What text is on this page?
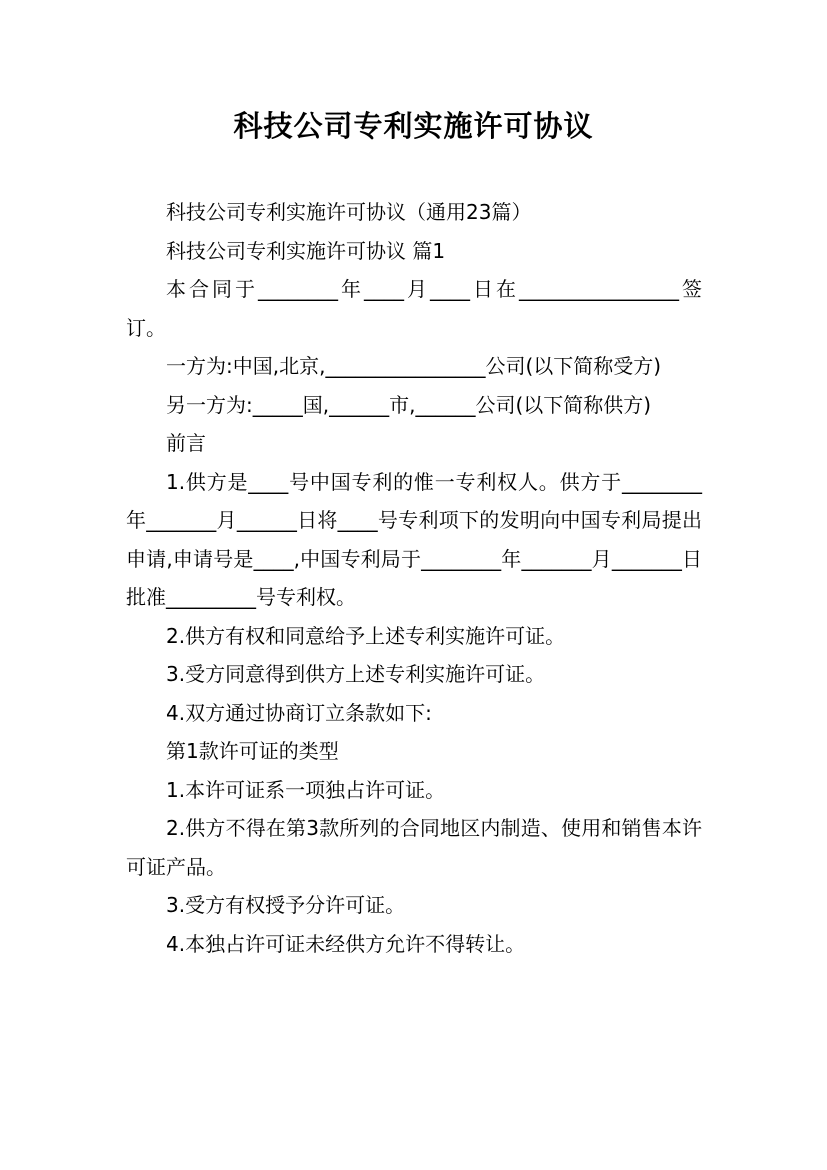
科技公司专利实施许可协议

科技公司专利实施许可协议（通用23篇）

科技公司专利实施许可协议 篇1

本合同于________年____月____日在________________签订。

一方为:中国,北京,________________公司(以下简称受方)

另一方为:_____国,______市,______公司(以下简称供方)

前言

1.供方是____号中国专利的惟一专利权人。供方于________年_______月______日将____号专利项下的发明向中国专利局提出申请,申请号是____,中国专利局于________年_______月_______日批准_________号专利权。

2.供方有权和同意给予上述专利实施许可证。

3.受方同意得到供方上述专利实施许可证。

4.双方通过协商订立条款如下:

第1款许可证的类型

1.本许可证系一项独占许可证。

2.供方不得在第3款所列的合同地区内制造、使用和销售本许可证产品。

3.受方有权授予分许可证。

4.本独占许可证未经供方允许不得转让。
